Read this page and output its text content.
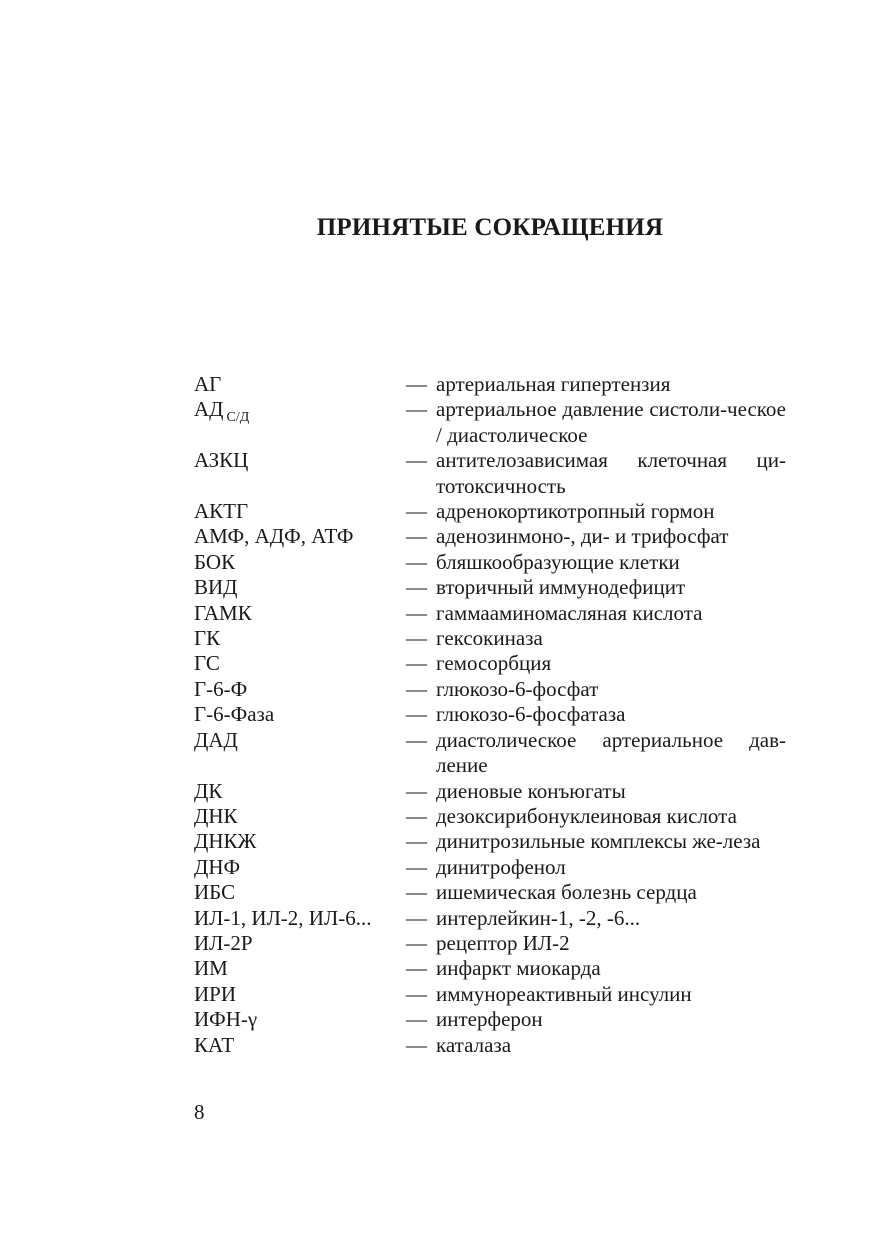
ПРИНЯТЫЕ СОКРАЩЕНИЯ
АГ	— артериальная гипертензия
АД $_{С/Д}$	— артериальное давление систоли-ческое / диастолическое
АЗКЦ	— антителозависимая клеточная ци-тотоксичность
АКТГ	— адренокортикотропный гормон
АМФ, АДФ, АТФ	— аденозинмоно-, ди- и трифосфат
БОК	— бляшкообразующие клетки
ВИД	— вторичный иммунодефицит
ГАМК	— гаммааминомасляная кислота
ГК	— гексокиназа
ГС	— гемосорбция
Г-6-Ф	— глюкозо-6-фосфат
Г-6-Фаза	— глюкозо-6-фосфатаза
ДАД	— диастолическое артериальное дав-ление
ДК	— диеновые конъюгаты
ДНК	— дезоксирибонуклеиновая кислота
ДНКЖ	— динитрозильные комплексы же-леза
ДНФ	— динитрофенол
ИБС	— ишемическая болезнь сердца
ИЛ-1, ИЛ-2, ИЛ-6...	— интерлейкин-1, -2, -6...
ИЛ-2Р	— рецептор ИЛ-2
ИМ	— инфаркт миокарда
ИРИ	— иммунореактивный инсулин
ИФН-γ	— интерферон
КАТ	— каталаза
8
